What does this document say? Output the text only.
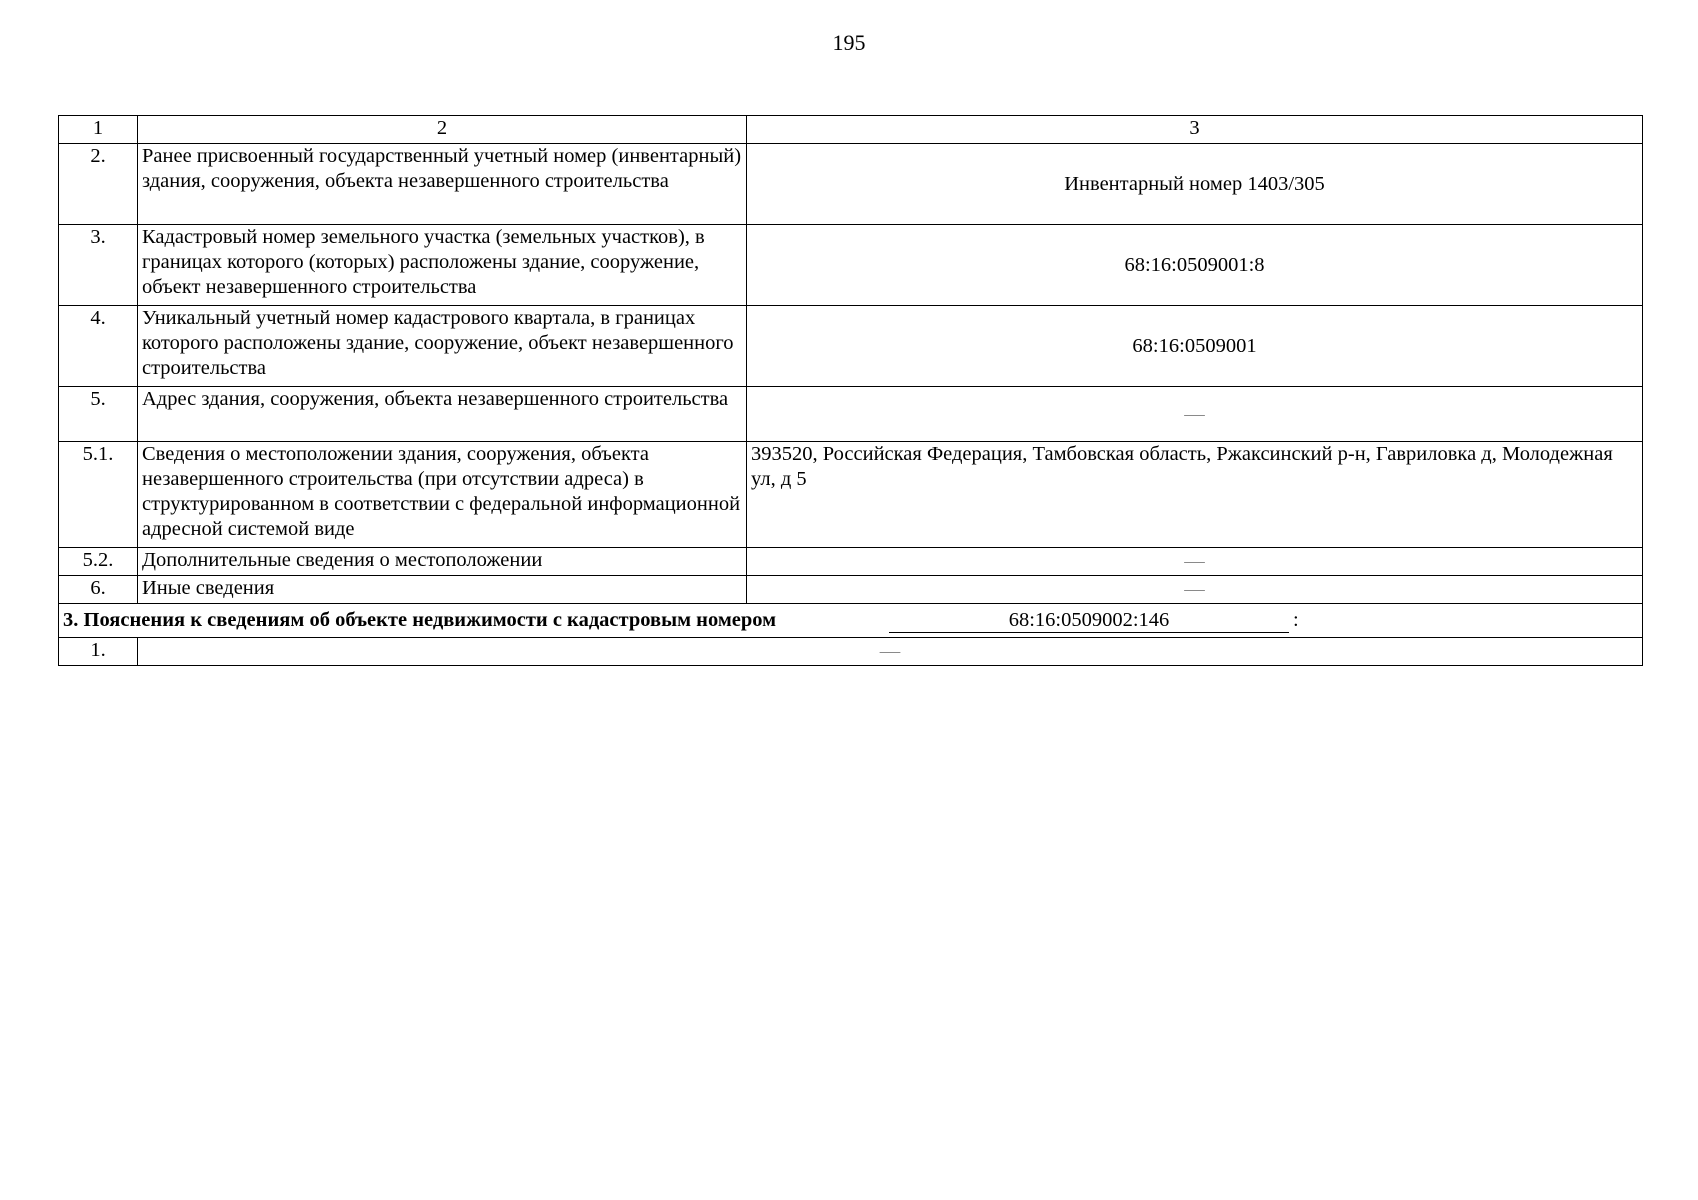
195
1	2	3
2.	Ранее присвоенный государственный учетный номер (инвентарный) здания, сооружения, объекта незавершенного строительства	Инвентарный номер 1403/305
3.	Кадастровый номер земельного участка (земельных участков), в границах которого (которых) расположены здание, сооружение, объект незавершенного строительства	68:16:0509001:8
4.	Уникальный учетный номер кадастрового квартала, в границах которого расположены здание, сооружение, объект незавершенного строительства	68:16:0509001
5.	Адрес здания, сооружения, объекта незавершенного строительства	—
5.1.	Сведения о местоположении здания, сооружения, объекта незавершенного строительства (при отсутствии адреса) в структурированном в соответствии с федеральной информационной адресной системой виде	393520, Российская Федерация, Тамбовская область, Ржаксинский р-н, Гавриловка д, Молодежная ул, д 5
5.2.	Дополнительные сведения о местоположении	—
6.	Иные сведения	—

3. Пояснения к сведениям об объекте недвижимости с кадастровым номером 68:16:0509002:146 :		

1.	—	
